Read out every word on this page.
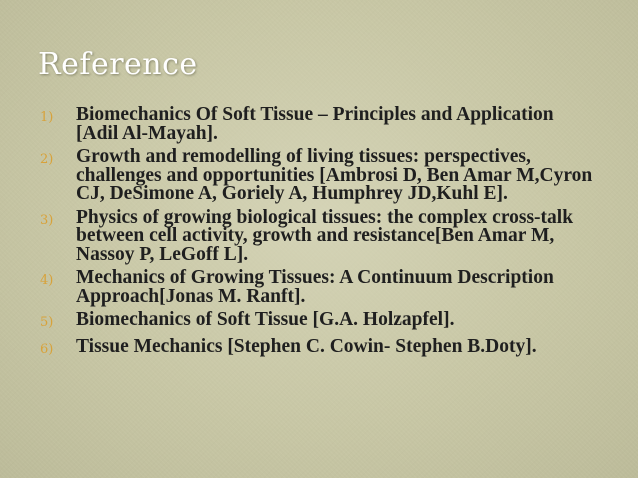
Reference
1)	Biomechanics Of Soft Tissue – Principles and Application [Adil Al-Mayah].
2)	Growth and remodelling of living tissues: perspectives, challenges and opportunities [Ambrosi D, Ben Amar M,Cyron CJ, DeSimone A, Goriely A, Humphrey JD,Kuhl E].
3)	Physics of growing biological tissues: the complex cross-talk between cell activity, growth and resistance[Ben Amar M, Nassoy P, LeGoff L].
4)	Mechanics of Growing Tissues: A Continuum Description Approach[Jonas M. Ranft].
5)	Biomechanics of Soft Tissue [G.A. Holzapfel].
6)	Tissue Mechanics [Stephen C. Cowin- Stephen B.Doty].
